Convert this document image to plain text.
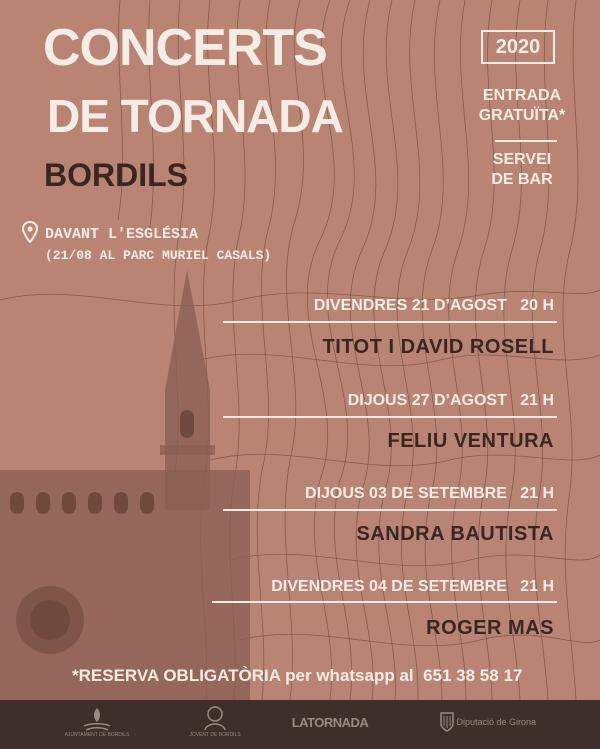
CONCERTS
DE TORNADA
BORDILS
2020
ENTRADA
GRATUÏTA*
SERVEI
DE BAR
DAVANT L'ESGLÉSIA
(21/08 AL PARC MURIEL CASALS)
DIVENDRES 21 D’AGOST 20 H
TITOT I DAVID ROSELL
DIJOUS 27 D’AGOST 21 H
FELIU VENTURA
DIJOUS 03 DE SETEMBRE 21 H
SANDRA BAUTISTA
DIVENDRES 04 DE SETEMBRE 21 H
ROGER MAS
*RESERVA OBLIGATÒRIA per whatsapp al  651 38 58 17
AJUNTAMENT DE BORDILS	JOVENT DE BORDILS
LATORNADA	Diputació de Girona
